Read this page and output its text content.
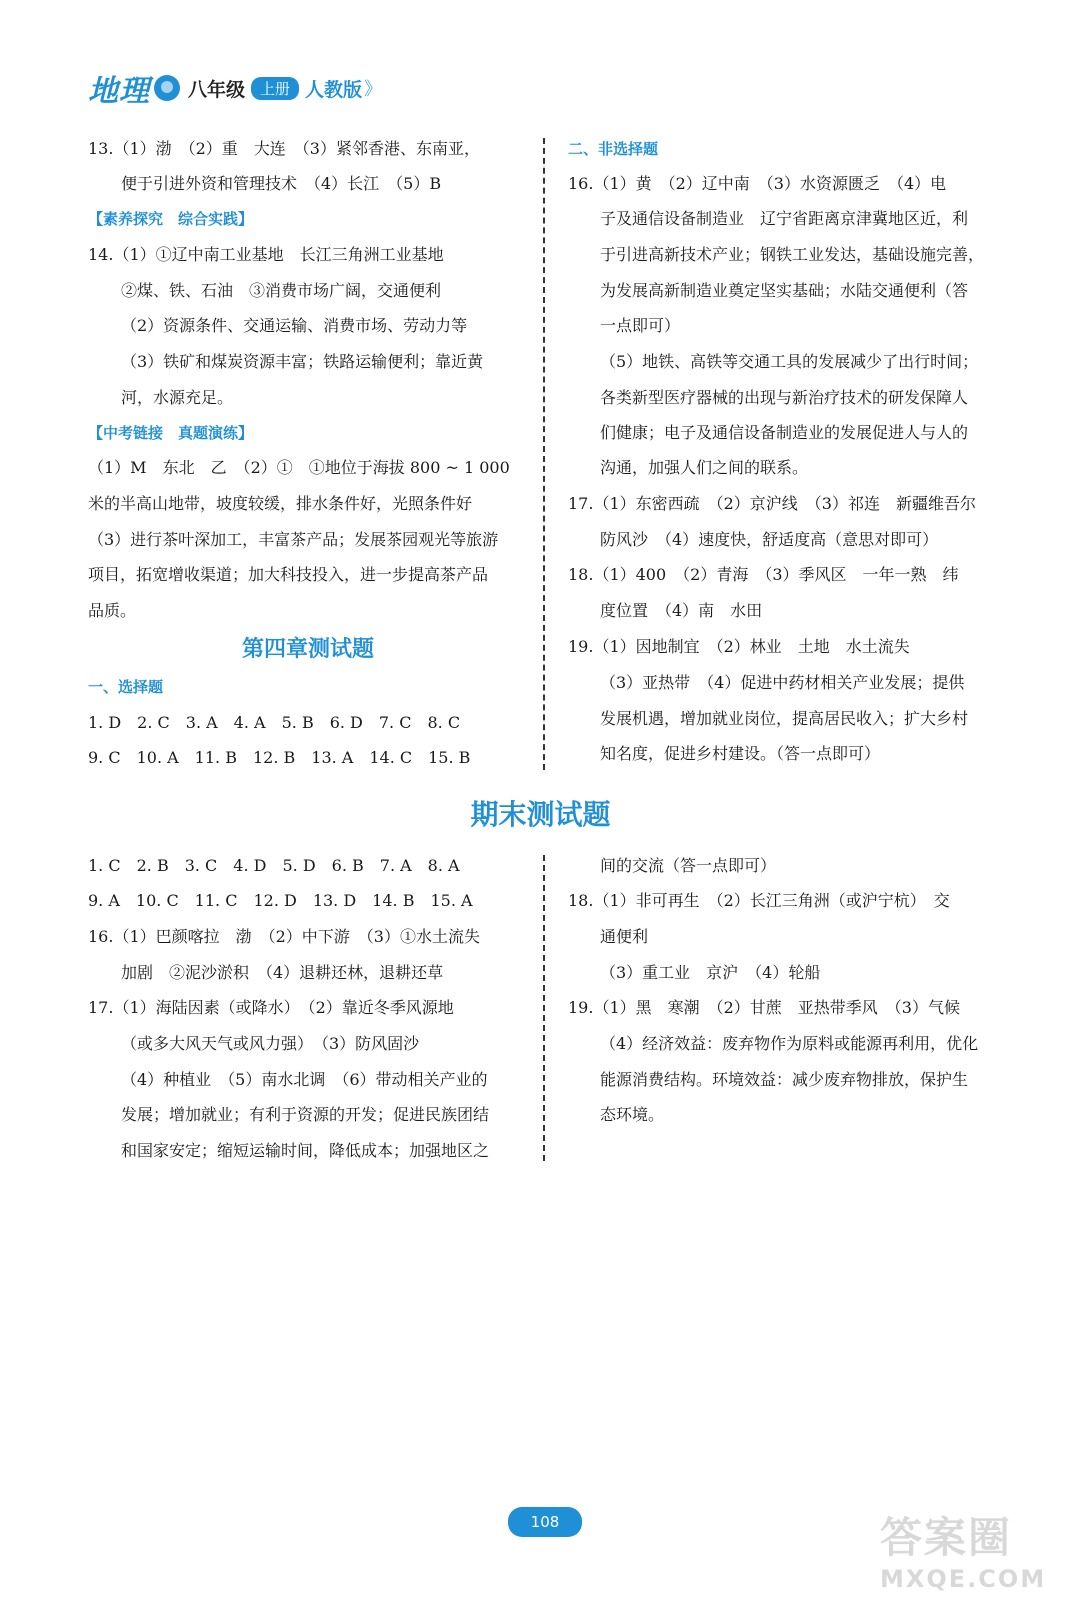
地理 八年级	上册 人教版 》
13.（1）渤　（2）重　大连　（3）紧邻香港、东南亚，
便于引进外资和管理技术　（4）长江　（5）B
【素养探究　综合实践】
14.（1）①辽中南工业基地　长江三角洲工业基地
②煤、铁、石油　③消费市场广阔，交通便利
（2）资源条件、交通运输、消费市场、劳动力等
（3）铁矿和煤炭资源丰富；铁路运输便利；靠近黄
河，水源充足。
【中考链接　真题演练】
（1）M　东北　乙　（2）①　①地位于海拔 800 ~ 1 000
米的半高山地带，坡度较缓，排水条件好，光照条件好
（3）进行茶叶深加工，丰富茶产品；发展茶园观光等旅游
项目，拓宽增收渠道；加大科技投入，进一步提高茶产品
品质。
第四章测试题
一、选择题
1. D　2. C　3. A　4. A　5. B　6. D　7. C　8. C
9. C　10. A　11. B　12. B　13. A　14. C　15. B
二、非选择题
16.（1）黄　（2）辽中南　（3）水资源匮乏　（4）电
子及通信设备制造业　辽宁省距离京津冀地区近，利
于引进高新技术产业；钢铁工业发达，基础设施完善，
为发展高新制造业奠定坚实基础；水陆交通便利（答
一点即可）
（5）地铁、高铁等交通工具的发展减少了出行时间；
各类新型医疗器械的出现与新治疗技术的研发保障人
们健康；电子及通信设备制造业的发展促进人与人的
沟通，加强人们之间的联系。
17.（1）东密西疏　（2）京沪线　（3）祁连　新疆维吾尔
防风沙　（4）速度快，舒适度高（意思对即可）
18.（1）400　（2）青海　（3）季风区　一年一熟　纬
度位置　（4）南　水田
19.（1）因地制宜　（2）林业　土地　水土流失
（3）亚热带　（4）促进中药材相关产业发展；提供
发展机遇，增加就业岗位，提高居民收入；扩大乡村
知名度，促进乡村建设。（答一点即可）
期末测试题
1. C　2. B　3. C　4. D　5. D　6. B　7. A　8. A
9. A　10. C　11. C　12. D　13. D　14. B　15. A
16.（1）巴颜喀拉　渤　（2）中下游　（3）①水土流失
加剧　②泥沙淤积　（4）退耕还林，退耕还草
17.（1）海陆因素（或降水）　（2）靠近冬季风源地
（或多大风天气或风力强）　（3）防风固沙
（4）种植业　（5）南水北调　（6）带动相关产业的
发展；增加就业；有利于资源的开发；促进民族团结
和国家安定；缩短运输时间，降低成本；加强地区之
间的交流（答一点即可）
18.（1）非可再生　（2）长江三角洲（或沪宁杭）　交
通便利
（3）重工业　京沪　（4）轮船
19.（1）黑　寒潮　（2）甘蔗　亚热带季风　（3）气候
（4）经济效益：废弃物作为原料或能源再利用，优化
能源消费结构。环境效益：减少废弃物排放，保护生
态环境。
108	答案圈
MXQE.COM
